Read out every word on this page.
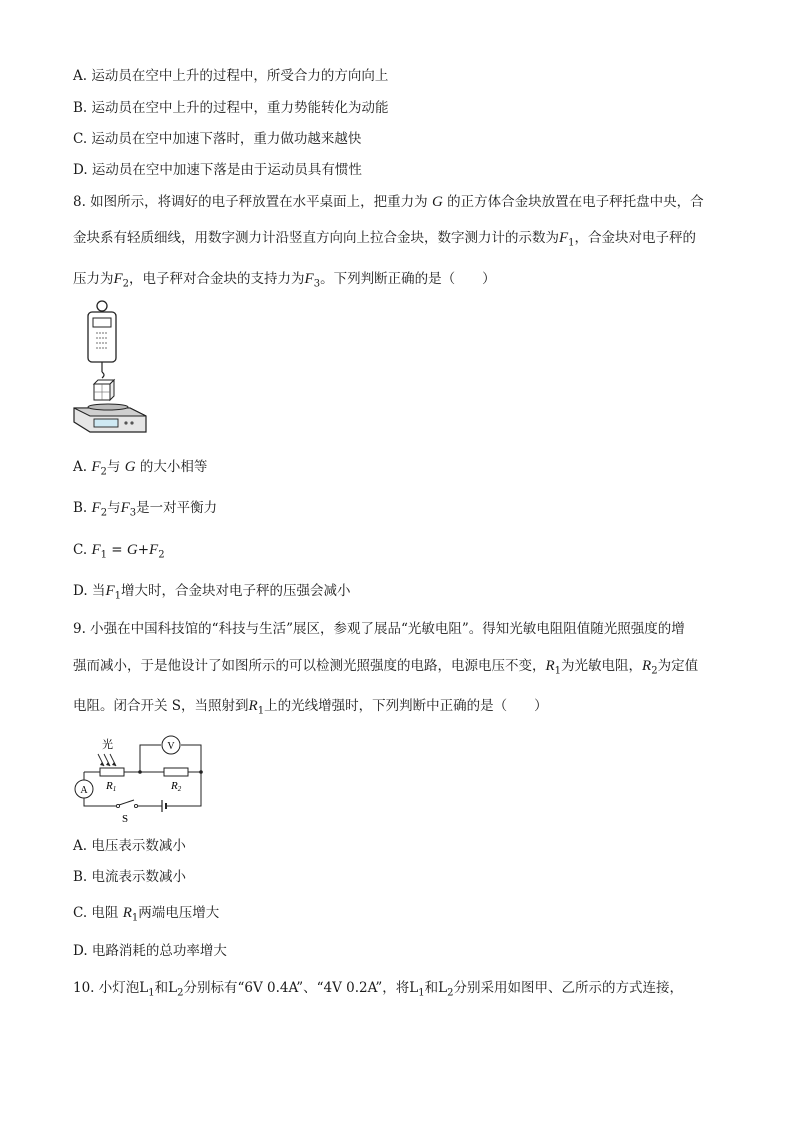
A. 运动员在空中上升的过程中，所受合力的方向向上
B. 运动员在空中上升的过程中，重力势能转化为动能
C. 运动员在空中加速下落时，重力做功越来越快
D. 运动员在空中加速下落是由于运动员具有惯性
8. 如图所示，将调好的电子秤放置在水平桌面上，把重力为 G 的正方体合金块放置在电子秤托盘中央，合
金块系有轻质细线，用数字测力计沿竖直方向向上拉合金块，数字测力计的示数为$F_1$，合金块对电子秤的
压力为$F_2$，电子秤对合金块的支持力为$F_3$。下列判断正确的是（　　）
A. $F_2$与 G 的大小相等
B. $F_2$与$F_3$是一对平衡力
C. $F_1 = G+F_2$
D. 当$F_1$增大时，合金块对电子秤的压强会减小
9. 小强在中国科技馆的“科技与生活”展区，参观了展品“光敏电阻”。得知光敏电阻阻值随光照强度的增
强而减小，于是他设计了如图所示的可以检测光照强度的电路，电源电压不变，$R_1$为光敏电阻，$R_2$为定值
电阻。闭合开关 S，当照射到$R_1$上的光线增强时，下列判断中正确的是（　　）
V
光
R1	R2
A
S
A. 电压表示数减小
B. 电流表示数减小
C. 电阻 $R_1$两端电压增大
D. 电路消耗的总功率增大
10. 小灯泡$L_1$和$L_2$分别标有“6V 0.4A”、“4V 0.2A”，将$L_1$和$L_2$分别采用如图甲、乙所示的方式连接，
